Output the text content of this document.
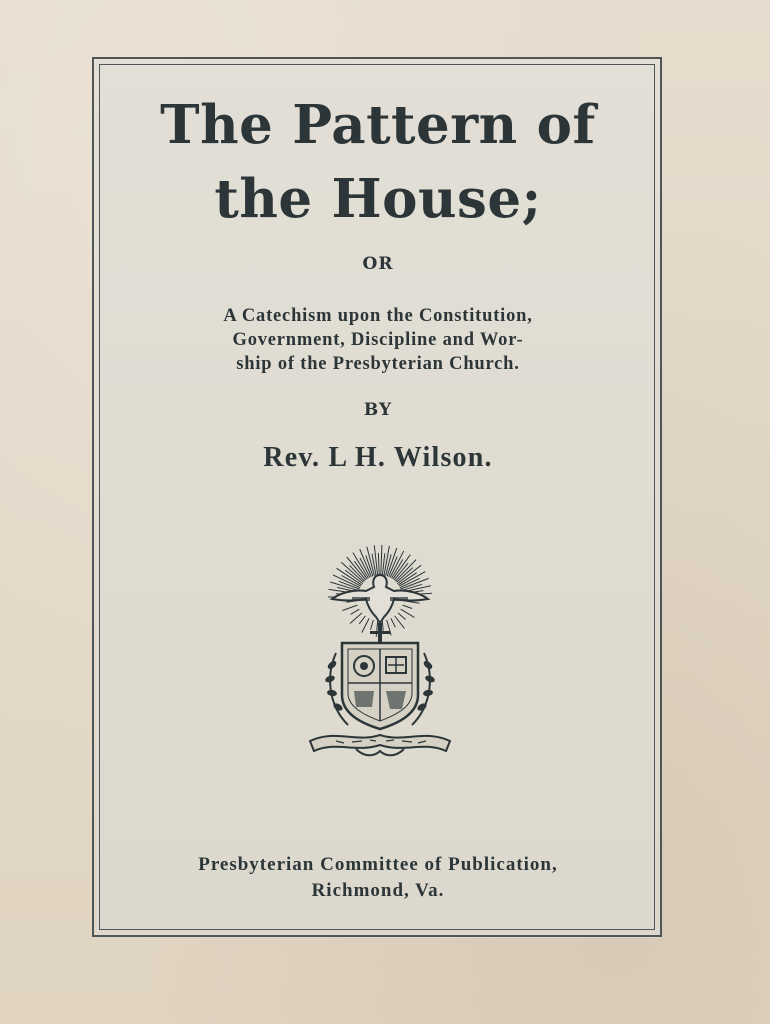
The Pattern of
the House;
OR
A Catechism upon the Constitution,
Government, Discipline and Wor-
ship of the Presbyterian Church.
BY
Rev. L H. Wilson.
Presbyterian Committee of Publication,
Richmond, Va.
